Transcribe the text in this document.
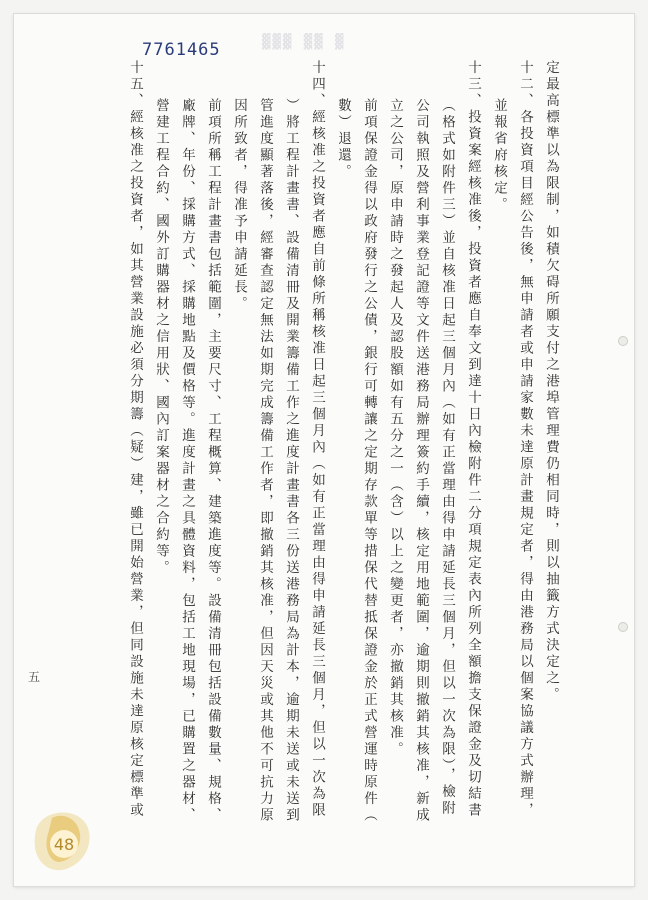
7761465	▓▓▓ ▓▓ ▓
定最高標準以為限制，如積欠碍所願支付之港埠管理費仍相同時，則以抽籤方式決定之。
十二、各投資項目經公告後，無申請者或申請家數未達原計畫規定者，得由港務局以個案協議方式辦理，
並報省府核定。
十三、投資案經核准後，投資者應自奉文到達十日內檢附件二分項規定表內所列全額擔支保證金及切結書
（格式如附件三）並自核准日起三個月內（如有正當理由得申請延長三個月，但以一次為限），檢附
公司執照及營利事業登記證等文件送港務局辦理簽約手續，核定用地範圍，逾期則撤銷其核准，新成
立之公司，原申請時之發起人及認股額如有五分之一（含）以上之變更者，亦撤銷其核准。
前項保證金得以政府發行之公債，銀行可轉讓之定期存款單等措保代替抵保證金於正式營運時原件（
數）退還。
十四、經核准之投資者應自前條所稱核准日起三個月內（如有正當理由得申請延長三個月，但以一次為限
）將工程計畫書、設備清冊及開業籌備工作之進度計畫書各三份送港務局為計本，逾期未送或未送到
管進度顯著落後，經審查認定無法如期完成籌備工作者，即撤銷其核准，但因天災或其他不可抗力原
因所致者，得准予申請延長。
前項所稱工程計畫書包括範圍，主要尺寸、工程概算、建築進度等。設備清冊包括設備數量、規格、
廠牌、年份、採購方式、採購地點及價格等。進度計畫之具體資料，包括工地現場，已購置之器材、
營建工程合約、國外訂購器材之信用狀、國內訂案器材之合約等。
十五、經核准之投資者，如其營業設施必須分期籌（疑）建，雖已開始營業，但同設施未達原核定標準或
五
48
